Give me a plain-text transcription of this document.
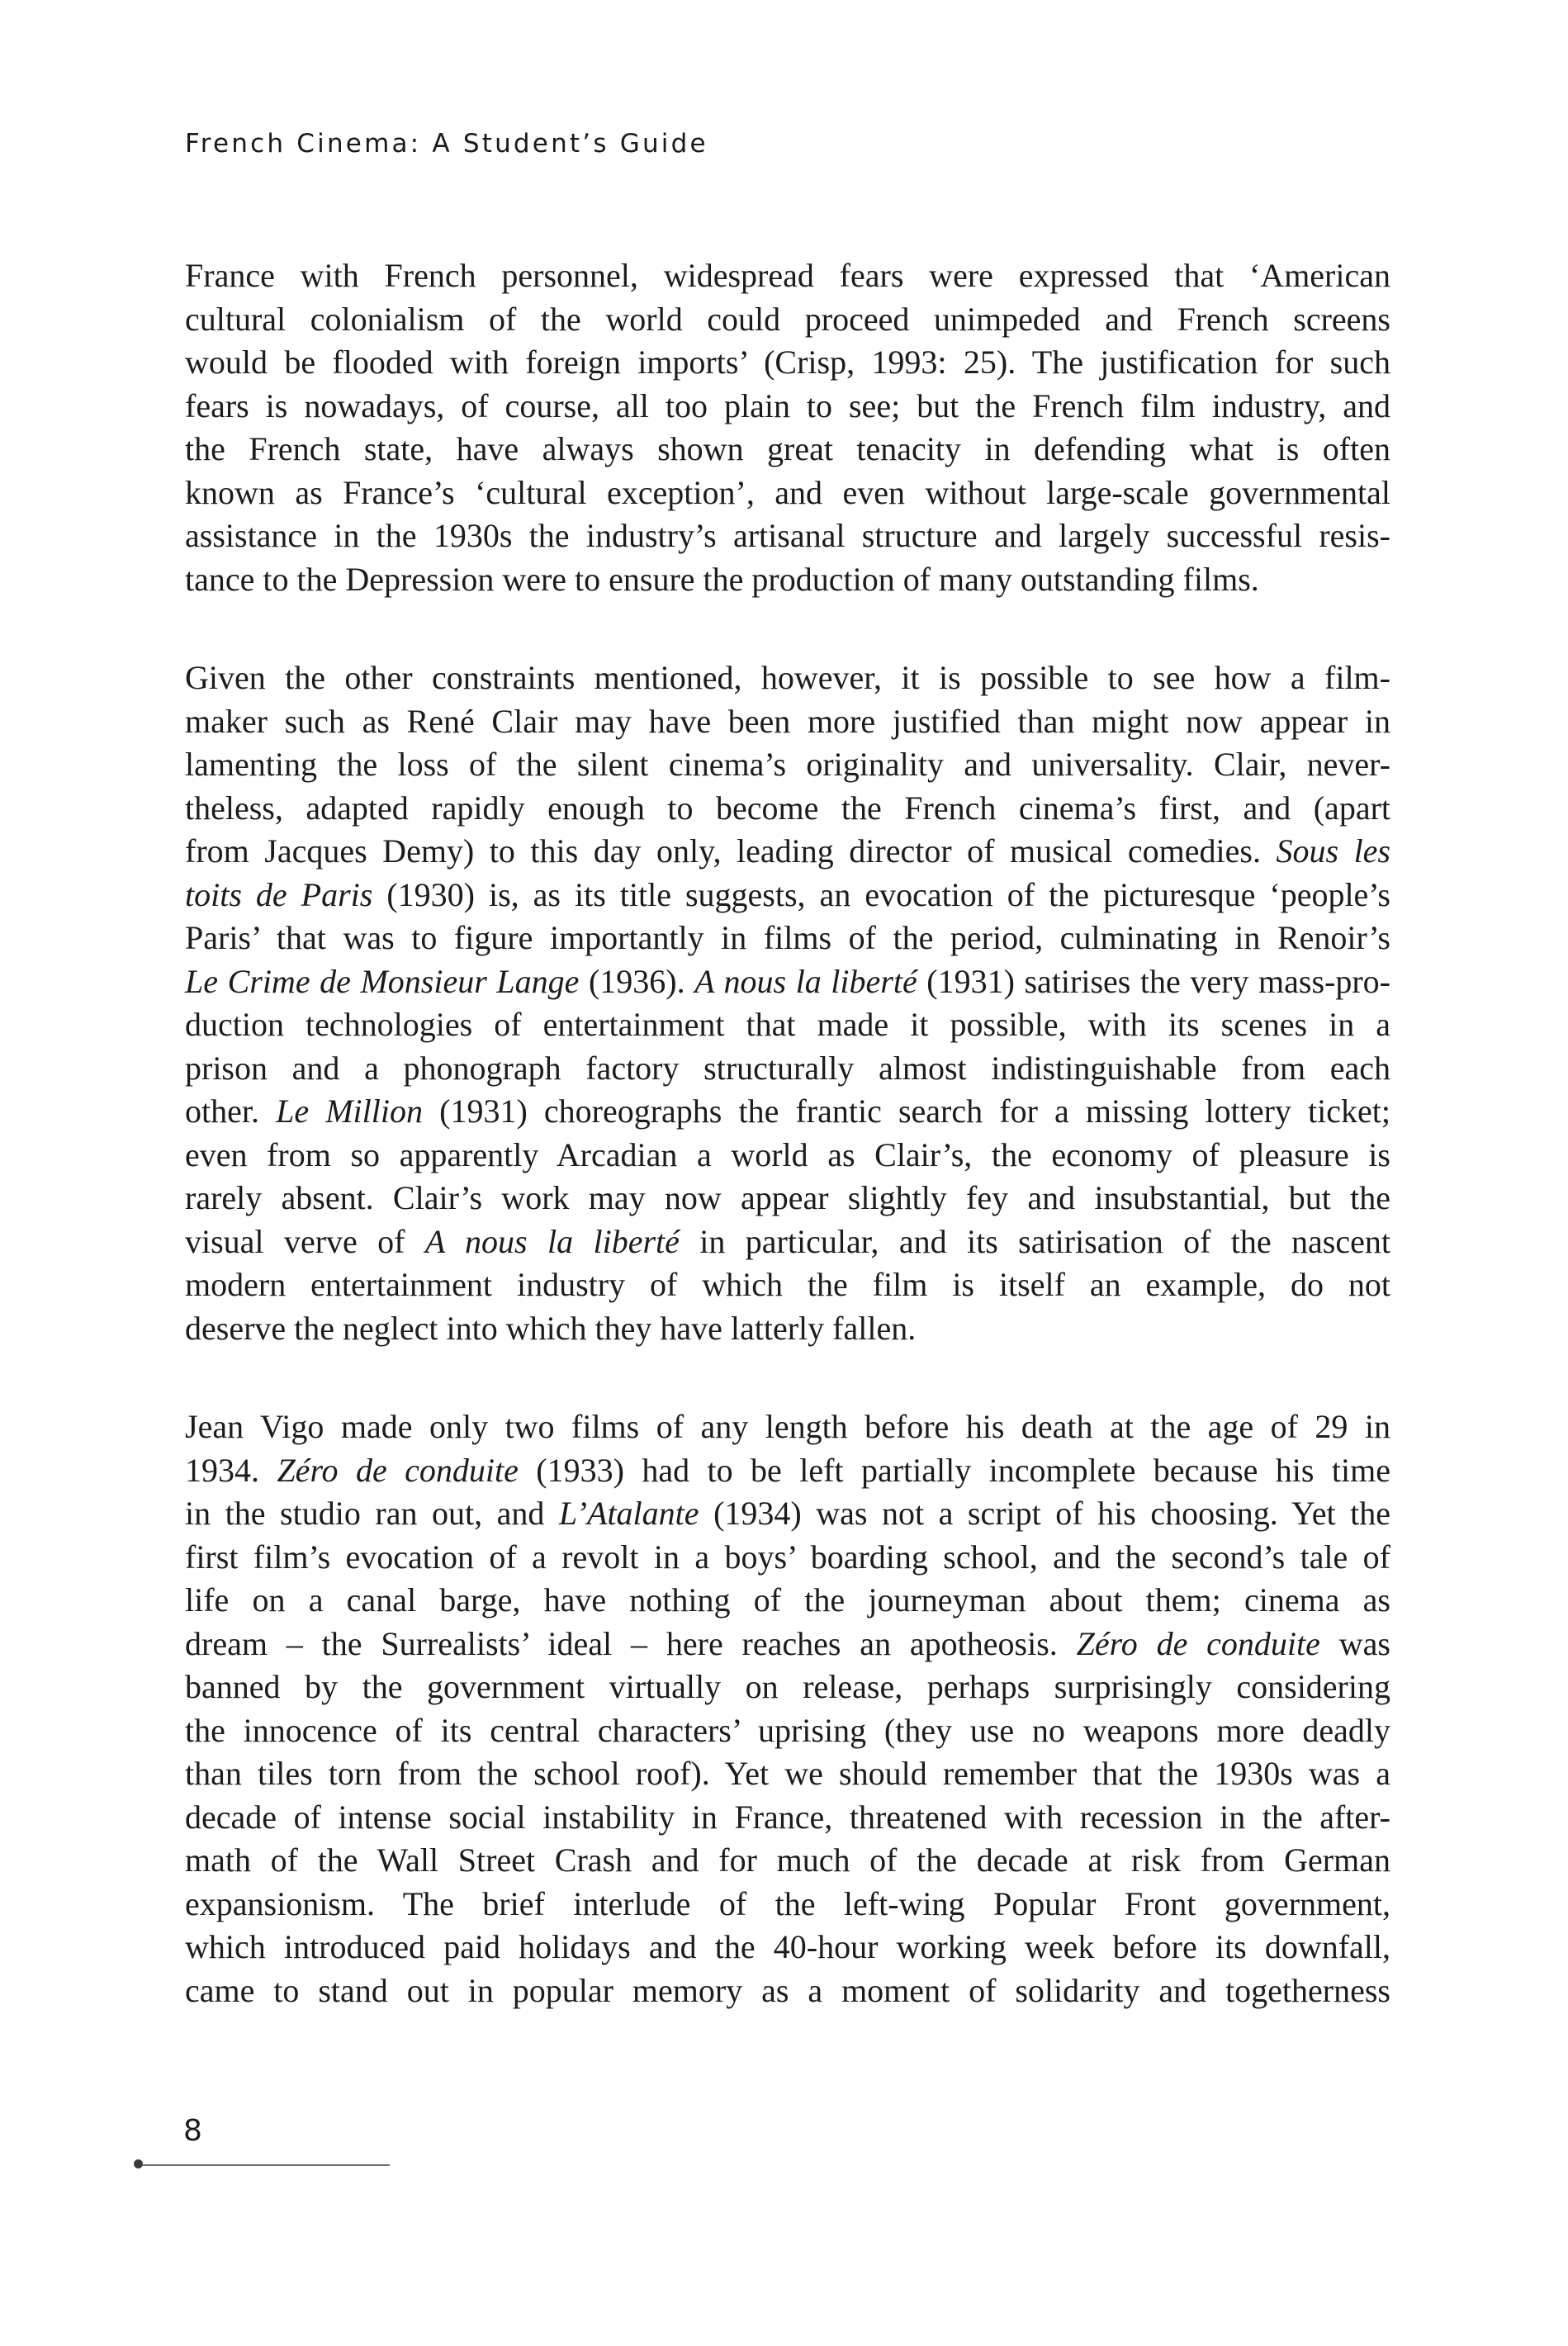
French Cinema: A Student’s Guide
France with French personnel, widespread fears were expressed that ‘American
cultural colonialism of the world could proceed unimpeded and French screens
would be flooded with foreign imports’ (Crisp, 1993: 25). The justification for such
fears is nowadays, of course, all too plain to see; but the French film industry, and
the French state, have always shown great tenacity in defending what is often
known as France’s ‘cultural exception’, and even without large-scale governmental
assistance in the 1930s the industry’s artisanal structure and largely successful resis-
tance to the Depression were to ensure the production of many outstanding films.
Given the other constraints mentioned, however, it is possible to see how a film-
maker such as René Clair may have been more justified than might now appear in
lamenting the loss of the silent cinema’s originality and universality. Clair, never-
theless, adapted rapidly enough to become the French cinema’s first, and (apart
from Jacques Demy) to this day only, leading director of musical comedies. Sous les
toits de Paris (1930) is, as its title suggests, an evocation of the picturesque ‘people’s
Paris’ that was to figure importantly in films of the period, culminating in Renoir’s
Le Crime de Monsieur Lange (1936). A nous la liberté (1931) satirises the very mass-pro-
duction technologies of entertainment that made it possible, with its scenes in a
prison and a phonograph factory structurally almost indistinguishable from each
other. Le Million (1931) choreographs the frantic search for a missing lottery ticket;
even from so apparently Arcadian a world as Clair’s, the economy of pleasure is
rarely absent. Clair’s work may now appear slightly fey and insubstantial, but the
visual verve of A nous la liberté in particular, and its satirisation of the nascent
modern entertainment industry of which the film is itself an example, do not
deserve the neglect into which they have latterly fallen.
Jean Vigo made only two films of any length before his death at the age of 29 in
1934. Zéro de conduite (1933) had to be left partially incomplete because his time
in the studio ran out, and L’Atalante (1934) was not a script of his choosing. Yet the
first film’s evocation of a revolt in a boys’ boarding school, and the second’s tale of
life on a canal barge, have nothing of the journeyman about them; cinema as
dream – the Surrealists’ ideal – here reaches an apotheosis. Zéro de conduite was
banned by the government virtually on release, perhaps surprisingly considering
the innocence of its central characters’ uprising (they use no weapons more deadly
than tiles torn from the school roof). Yet we should remember that the 1930s was a
decade of intense social instability in France, threatened with recession in the after-
math of the Wall Street Crash and for much of the decade at risk from German
expansionism. The brief interlude of the left-wing Popular Front government,
which introduced paid holidays and the 40-hour working week before its downfall,
came to stand out in popular memory as a moment of solidarity and togetherness
8
